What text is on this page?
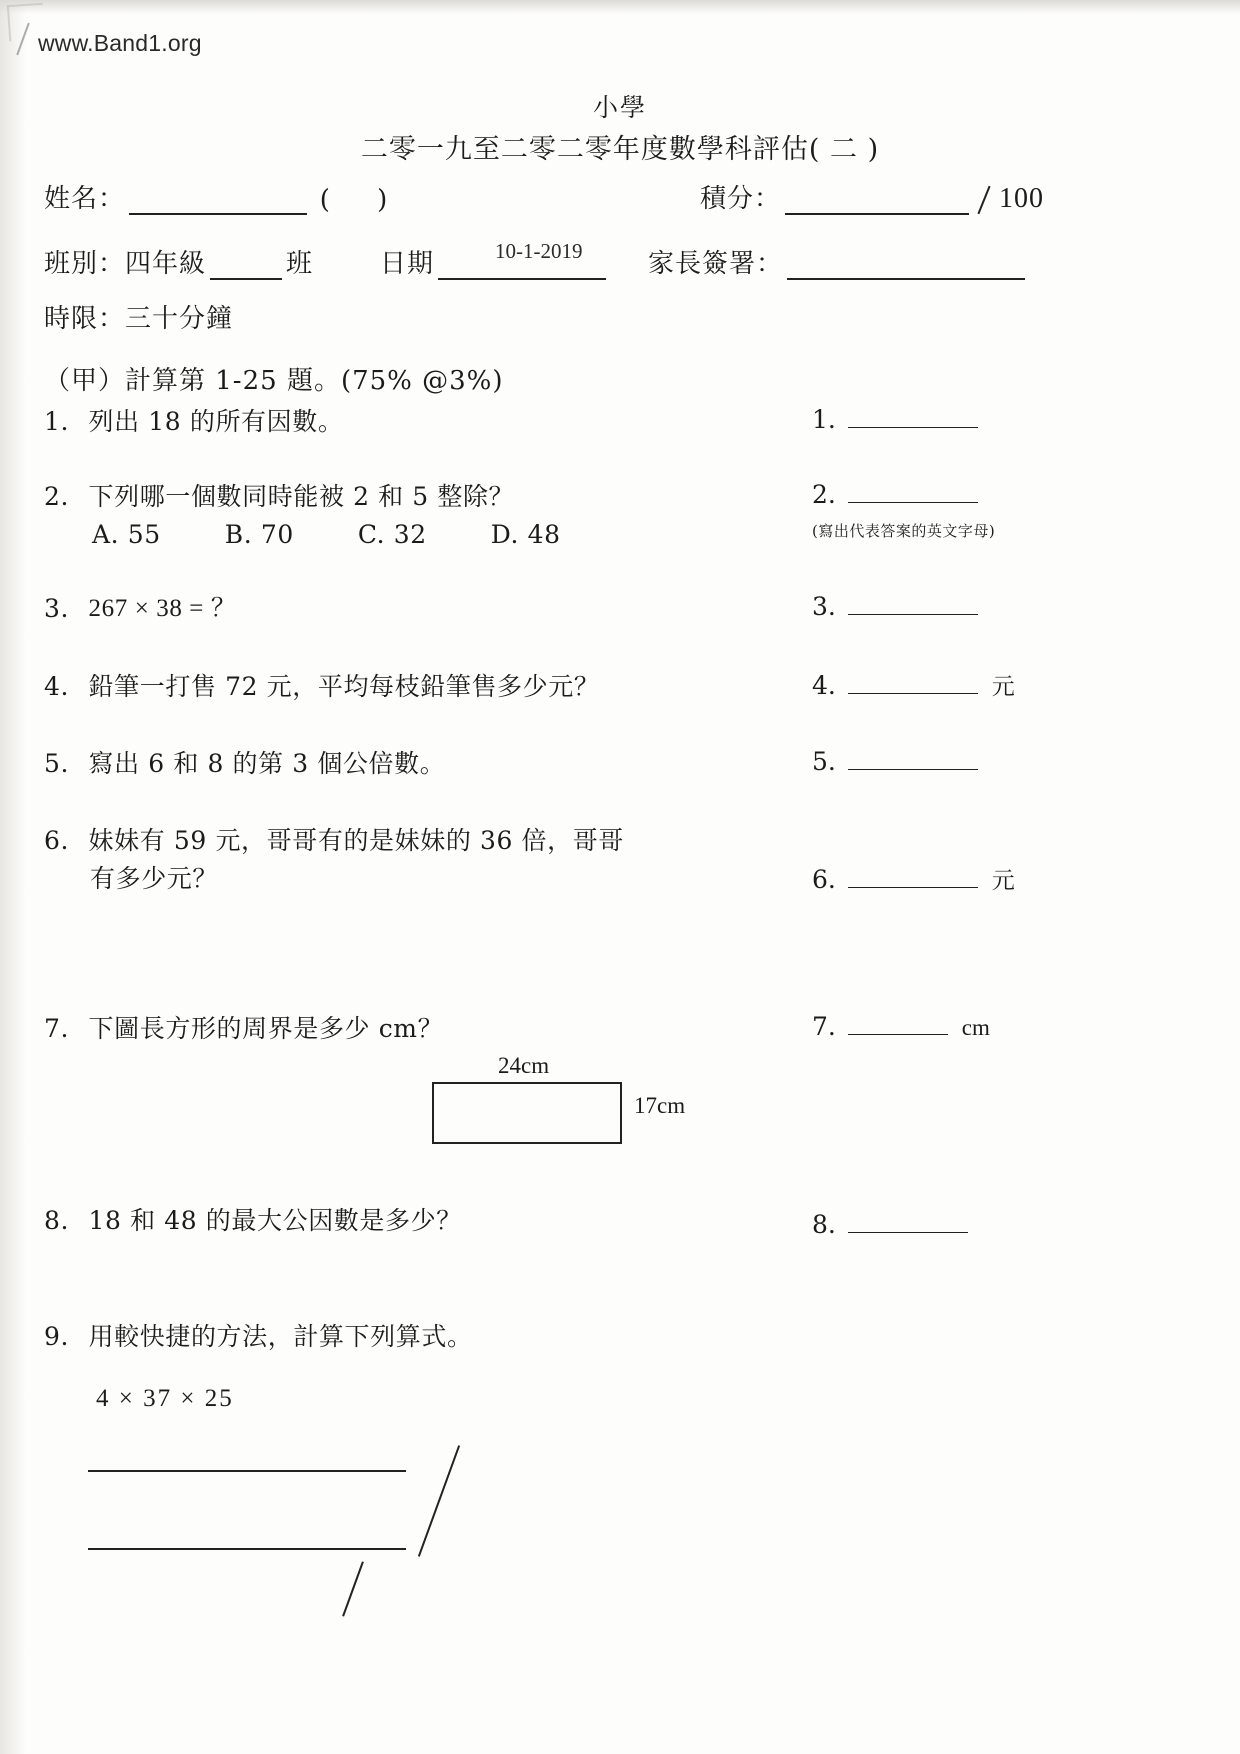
www.Band1.org
小學
二零一九至二零二零年度數學科評估( 二 )
姓名：	(     )	積分：	100
班別：四年級	班	日期	10-1-2019	家長簽署：
時限：三十分鐘
（甲）計算第 1-25 題。(75% @3%)
1. 列出 18 的所有因數。	1.
2. 下列哪一個數同時能被 2 和 5 整除？
A. 55	B. 70	C. 32	D. 48
2.
(寫出代表答案的英文字母)
3. 267 × 38 = ？	3.
4. 鉛筆一打售 72 元，平均每枝鉛筆售多少元？	4.	元
5. 寫出 6 和 8 的第 3 個公倍數。	5.
6. 妹妹有 59 元，哥哥有的是妹妹的 36 倍，哥哥
有多少元？	6.	元
7. 下圖長方形的周界是多少 cm？	7.	cm
24cm
17cm
8. 18 和 48 的最大公因數是多少？	8.
9. 用較快捷的方法，計算下列算式。
4 × 37 × 25
